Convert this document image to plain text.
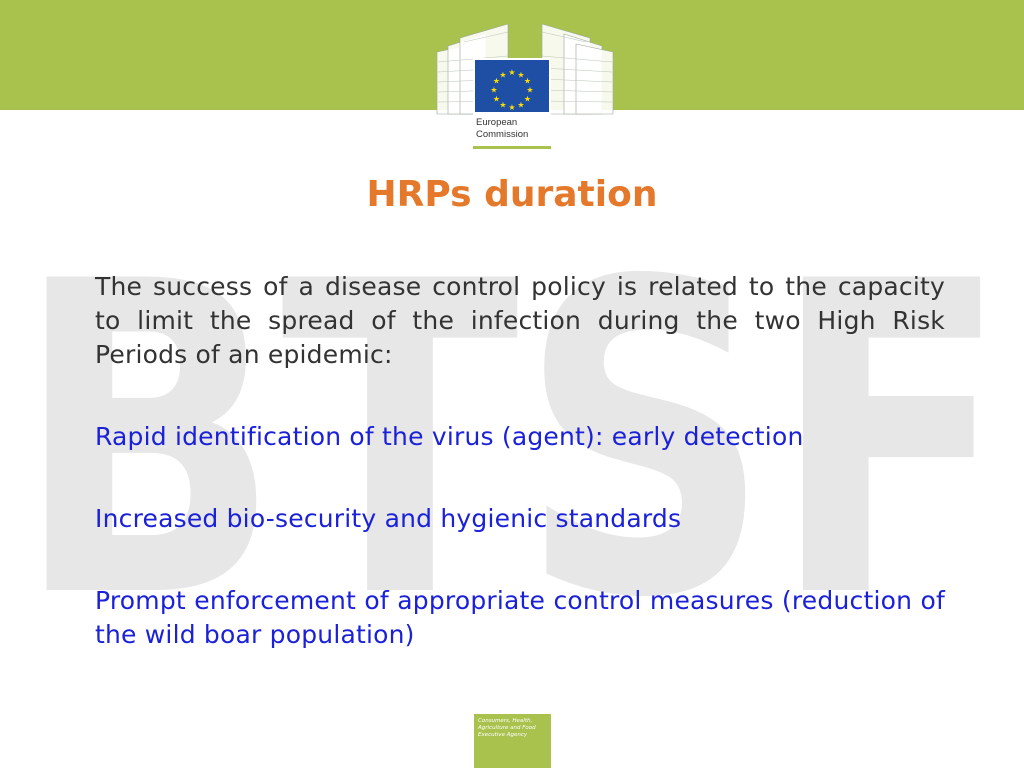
BTSF
★ ★
★
★
★
★
★
★
★
★
★
★
European
Commission
HRPs duration

The success of a disease control policy is related to the capacity to limit the spread of the infection during the two High Risk Periods of an epidemic:

Rapid identification of the virus (agent): early detection

Increased bio-security and hygienic standards

Prompt enforcement of appropriate control measures (reduction of the wild boar population)

Consumers, Health, Agriculture and Food Executive Agency
